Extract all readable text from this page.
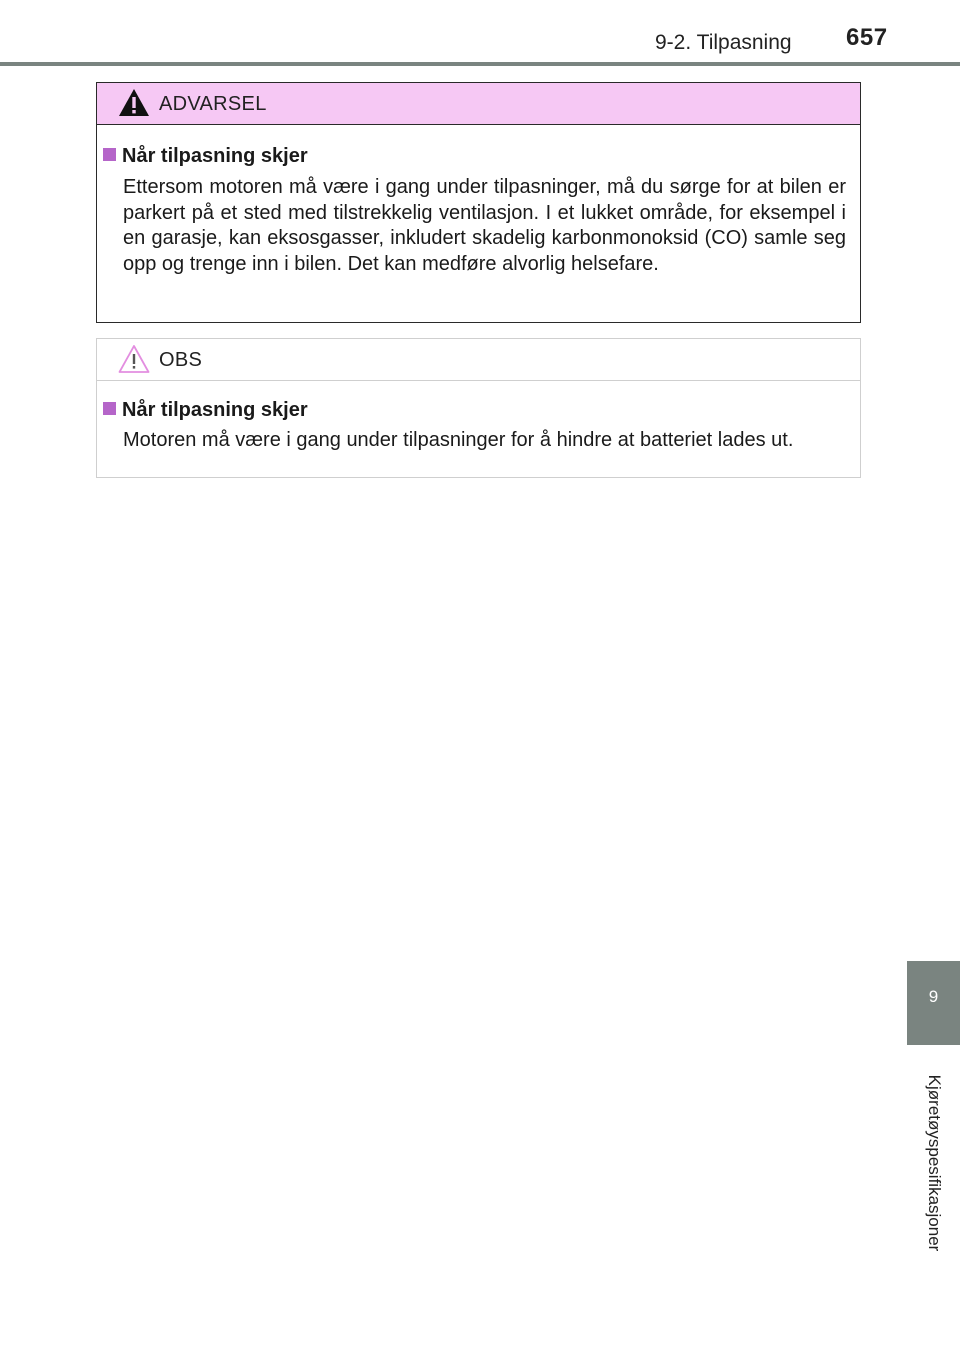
9-2. Tilpasning 657
ADVARSEL
Når tilpasning skjer
Ettersom motoren må være i gang under tilpasninger, må du sørge for at bilen er parkert på et sted med tilstrekkelig ventilasjon. I et lukket område, for eksempel i en garasje, kan eksosgasser, inkludert skadelig karbonmonoksid (CO) samle seg opp og trenge inn i bilen. Det kan medføre alvorlig helsefare.
OBS
Når tilpasning skjer
Motoren må være i gang under tilpasninger for å hindre at batteriet lades ut.
9
Kjøretøyspesifikasjoner
